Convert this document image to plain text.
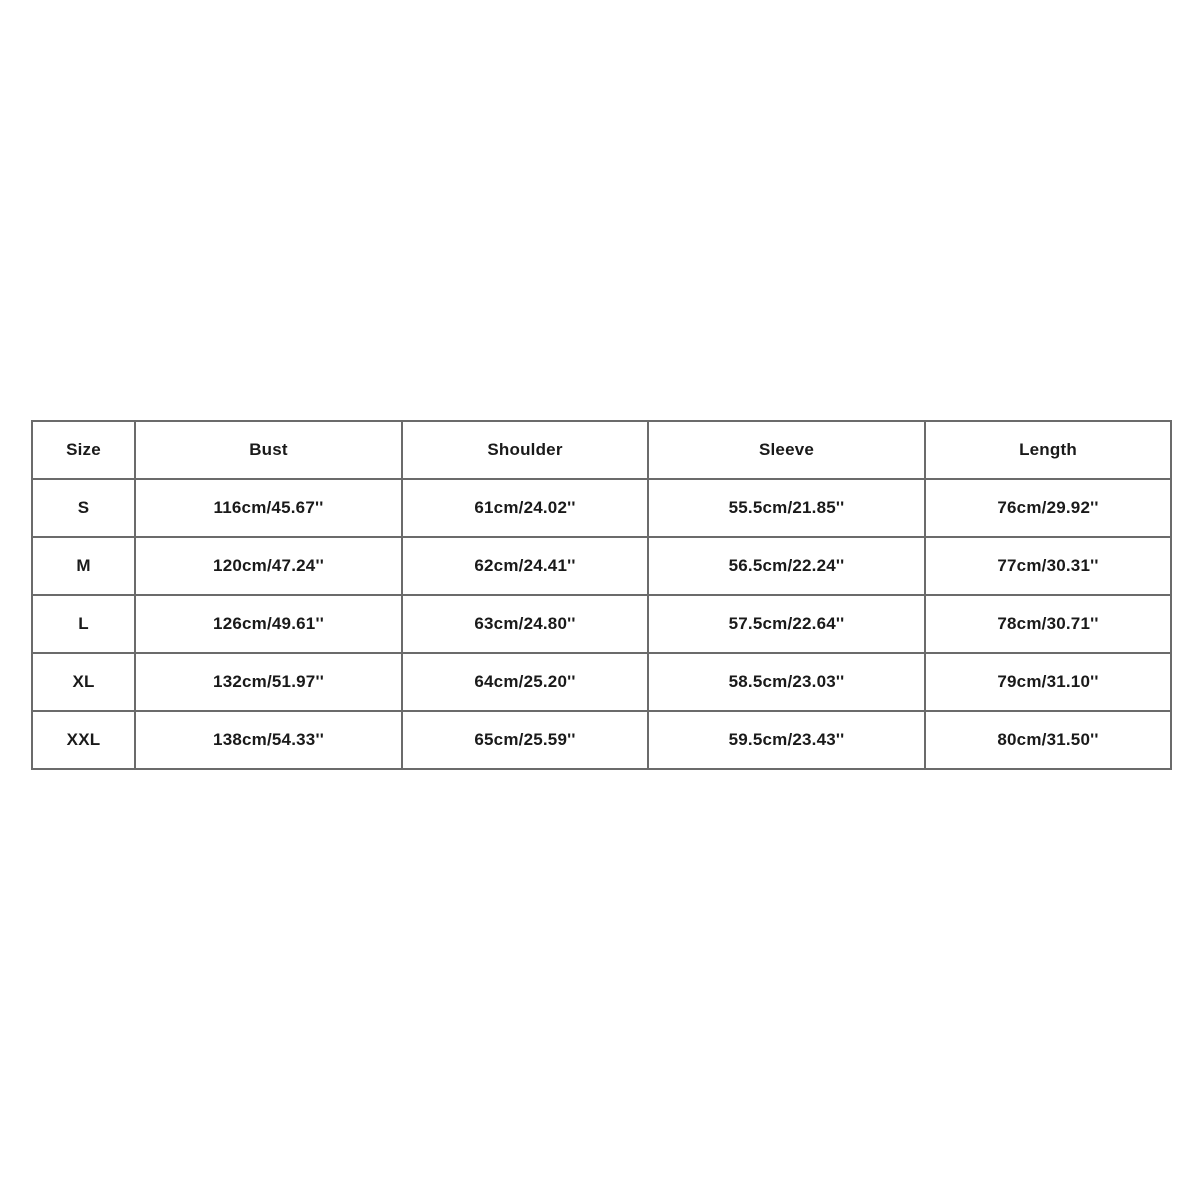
Size	Bust	Shoulder	Sleeve	Length
S	116cm/45.67''	61cm/24.02''	55.5cm/21.85''	76cm/29.92''
M	120cm/47.24''	62cm/24.41''	56.5cm/22.24''	77cm/30.31''
L	126cm/49.61''	63cm/24.80''	57.5cm/22.64''	78cm/30.71''
XL	132cm/51.97''	64cm/25.20''	58.5cm/23.03''	79cm/31.10''
XXL	138cm/54.33''	65cm/25.59''	59.5cm/23.43''	80cm/31.50''
